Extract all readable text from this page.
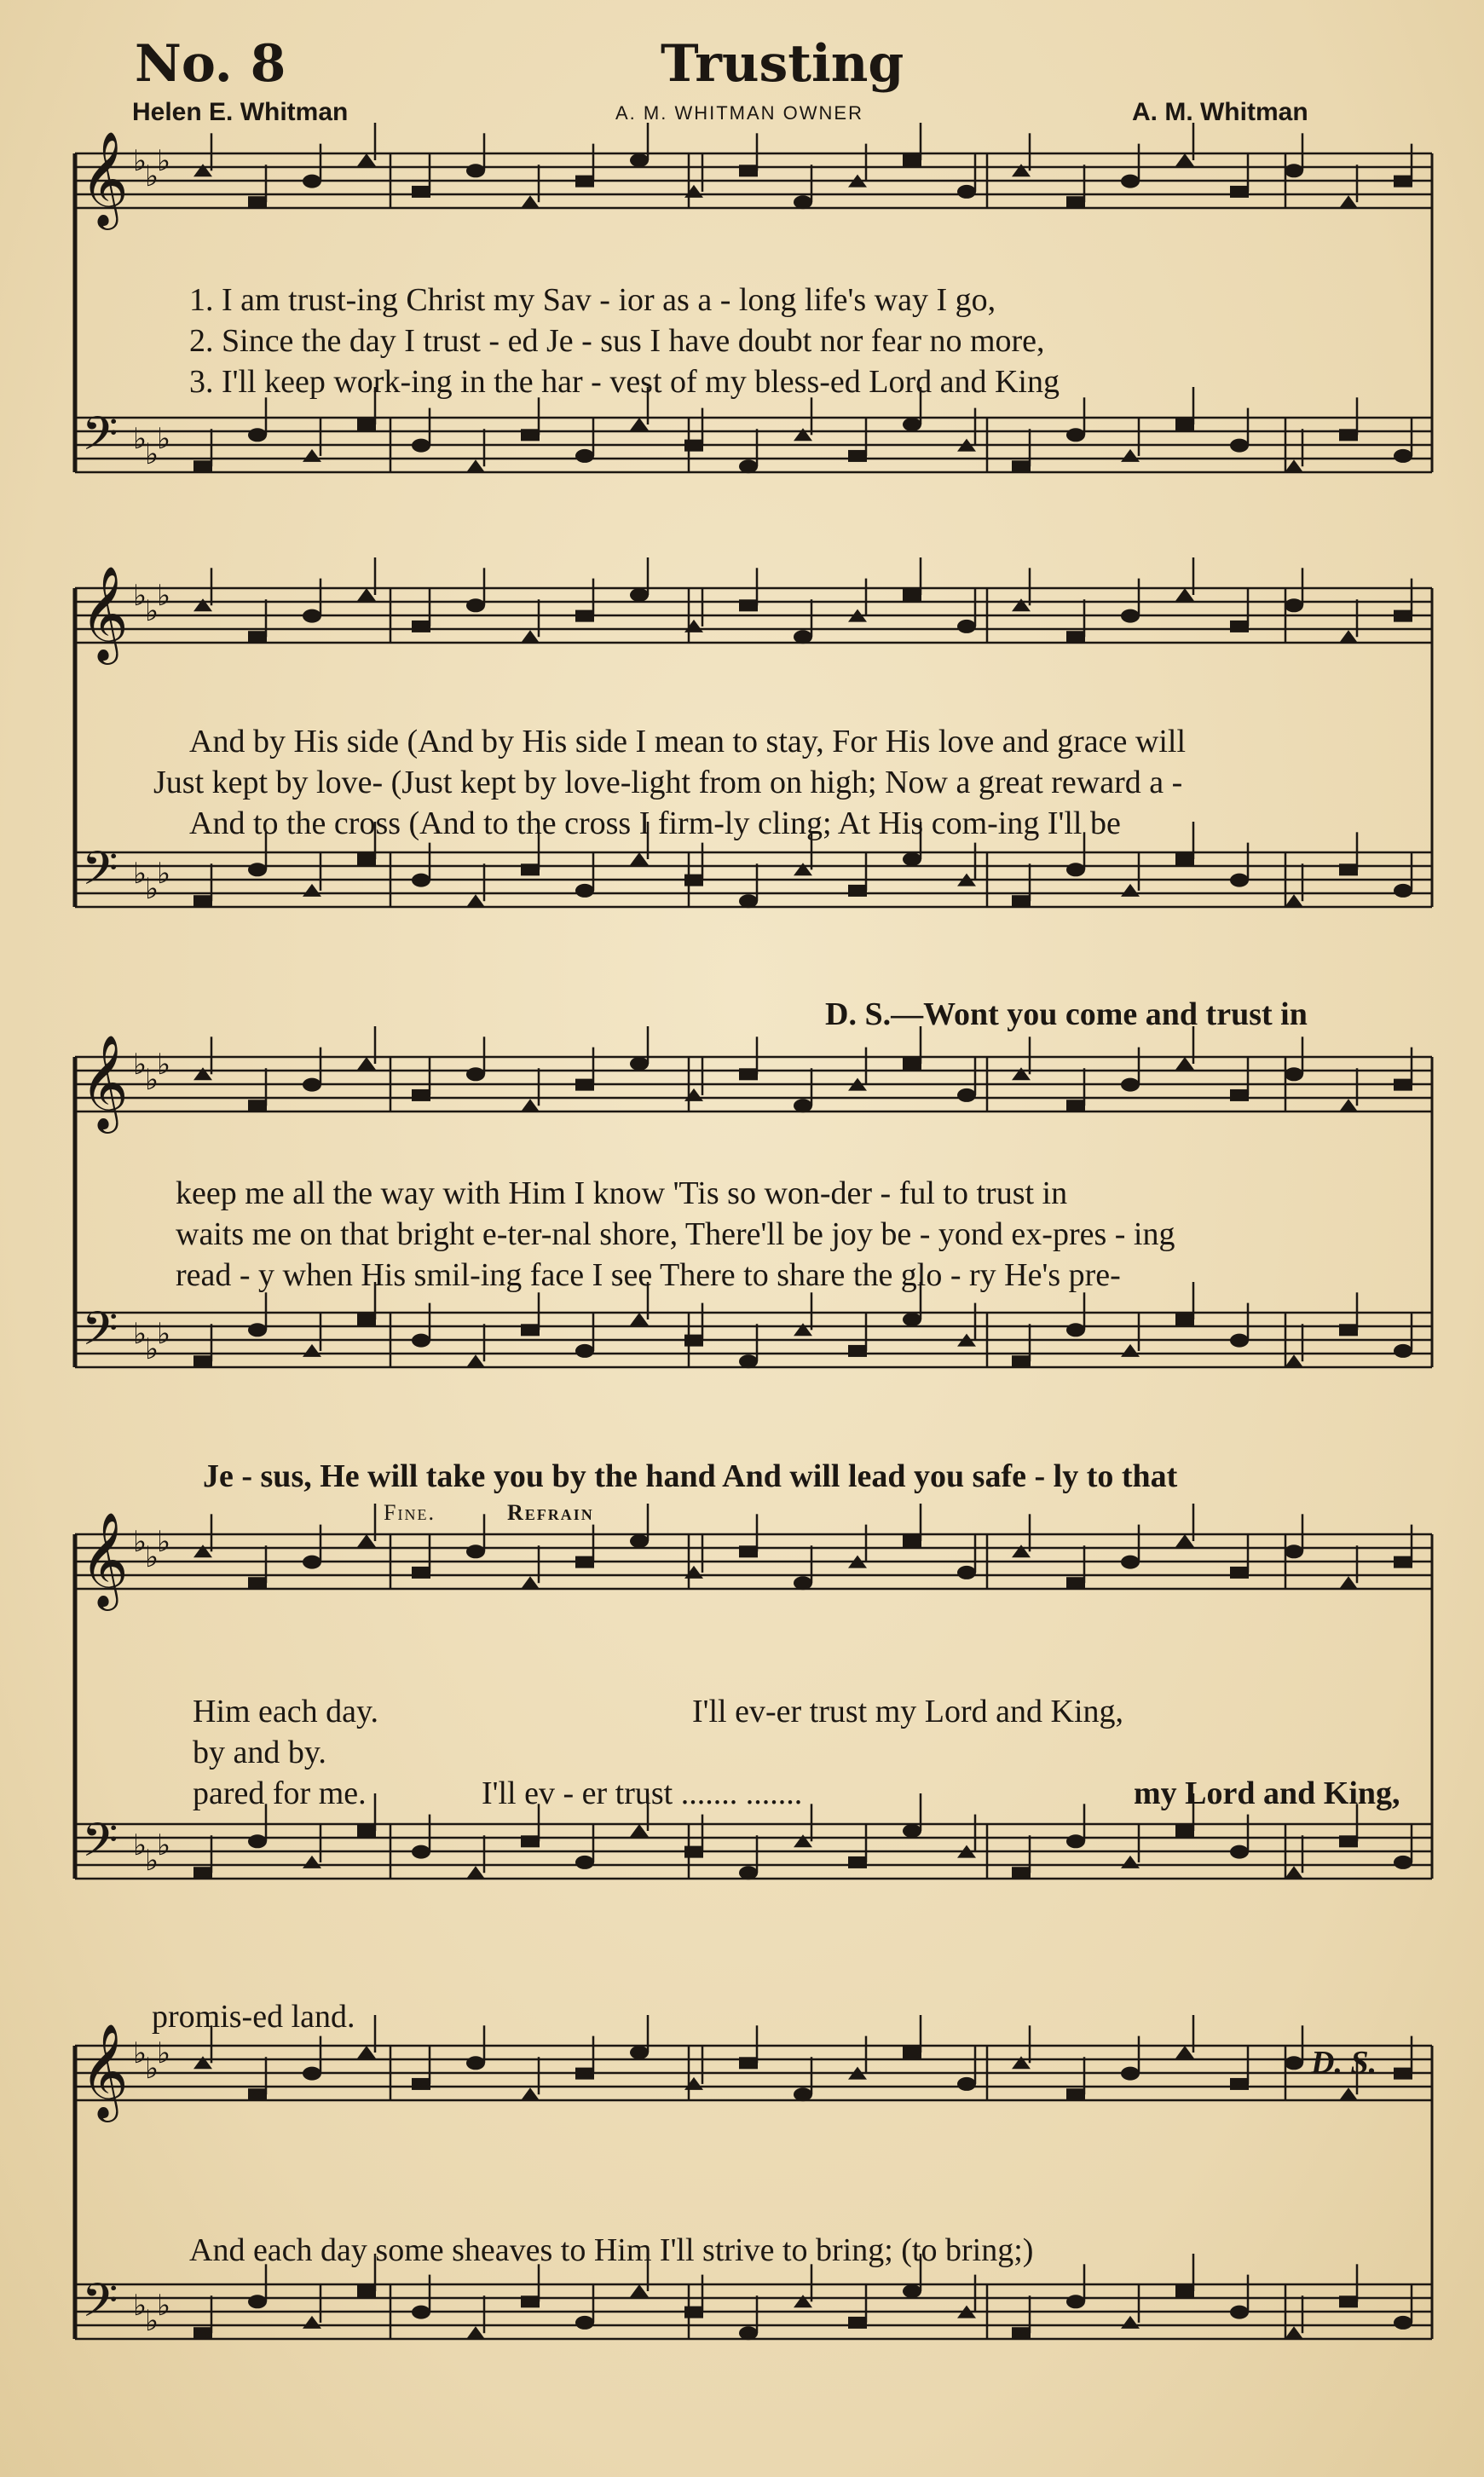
No. 8	Trusting
Helen E. Whitman	A. M. WHITMAN OWNER	A. M. Whitman
𝄞
𝄢
♭
♭
♭
♭
♭
♭
𝄞
𝄢
♭
♭
♭
♭
♭
♭
𝄞
𝄢
♭
♭
♭
♭
♭
♭
𝄞
𝄢
♭
♭
♭
♭
♭
♭
𝄞
𝄢
♭
♭
♭
♭
♭
♭
1. I am trust-ing Christ my Sav - ior as a - long life's way I go,
2. Since the day I trust - ed Je - sus I have doubt nor fear no more,
3. I'll keep work-ing in the har - vest of my bless-ed Lord and King
And by His side (And by His side I mean to stay, For His love and grace will
Just kept by love- (Just kept by love-light from on high; Now a great reward a -
And to the cross (And to the cross I firm-ly cling; At His com-ing I'll be
D. S.—Wont you come and trust in
keep me all the way with Him I know 'Tis so won-der - ful to trust in
waits me on that bright e-ter-nal shore, There'll be joy be - yond ex-pres - ing
read - y when His smil-ing face I see There to share the glo - ry He's pre-
Je - sus, He will take you by the hand And will lead you safe - ly to that
Fine.	Refrain
Him each day.
by and by.
pared for me.
I'll ev-er trust my Lord and King,
I'll ev - er trust ....... .......	my Lord and King,
promis-ed land.
D. S.
And each day some sheaves to Him I'll strive to bring; (to bring;)
